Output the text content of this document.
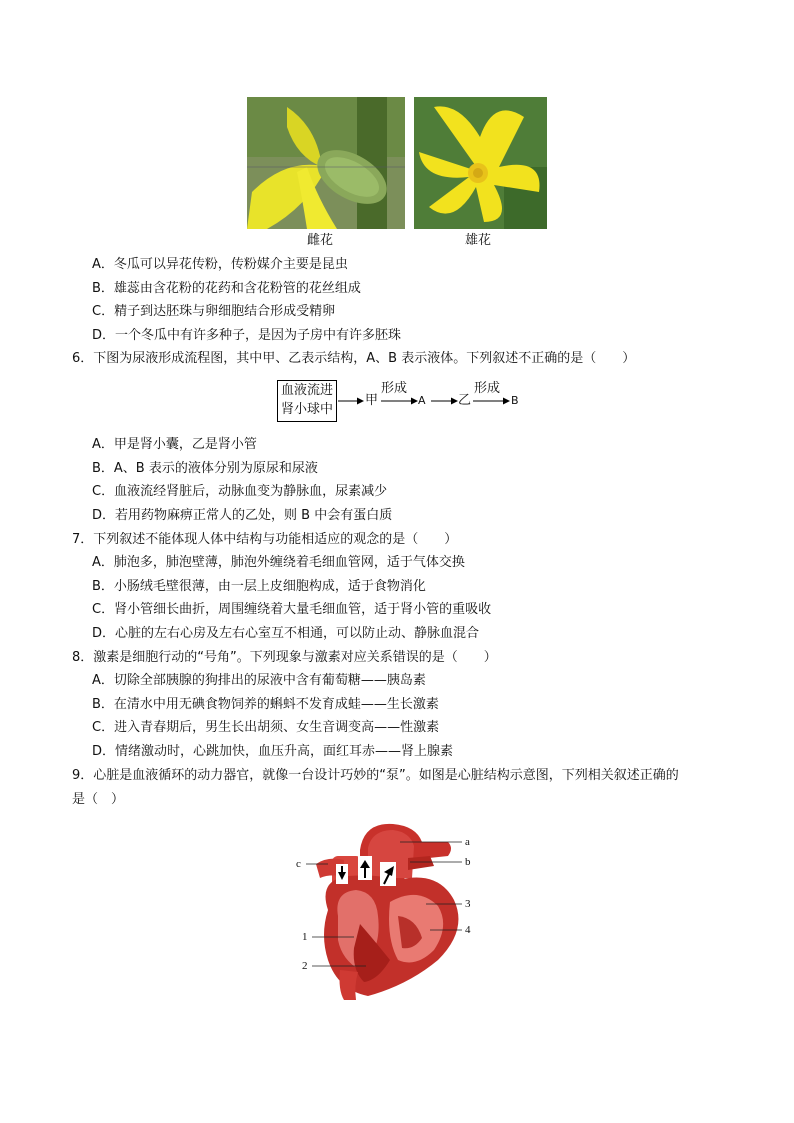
雌花	雄花
A．冬瓜可以异花传粉，传粉媒介主要是昆虫
B．雄蕊由含花粉的花药和含花粉管的花丝组成
C．精子到达胚珠与卵细胞结合形成受精卵
D．一个冬瓜中有许多种子，是因为子房中有许多胚珠
6．下图为尿液形成流程图，其中甲、乙表示结构，A、B 表示液体。下列叙述不正确的是（　　）
血液流进
肾小球中
甲
形成
A 乙
形成
B
A．甲是肾小囊，乙是肾小管
B．A、B 表示的液体分别为原尿和尿液
C．血液流经肾脏后，动脉血变为静脉血，尿素减少
D．若用药物麻痹正常人的乙处，则 B 中会有蛋白质
7．下列叙述不能体现人体中结构与功能相适应的观念的是（　　）
A．肺泡多，肺泡壁薄，肺泡外缠绕着毛细血管网，适于气体交换
B．小肠绒毛壁很薄，由一层上皮细胞构成，适于食物消化
C．肾小管细长曲折，周围缠绕着大量毛细血管，适于肾小管的重吸收
D．心脏的左右心房及左右心室互不相通，可以防止动、静脉血混合
8．激素是细胞行动的“号角”。下列现象与激素对应关系错误的是（　　）
A．切除全部胰腺的狗排出的尿液中含有葡萄糖——胰岛素
B．在清水中用无碘食物饲养的蝌蚪不发育成蛙——生长激素
C．进入青春期后，男生长出胡须、女生音调变高——性激素
D．情绪激动时，心跳加快，血压升高，面红耳赤——肾上腺素
9．心脏是血液循环的动力器官，就像一台设计巧妙的“泵”。如图是心脏结构示意图，下列相关叙述正确的
是（　）
a
b
c
3
4
1
2
